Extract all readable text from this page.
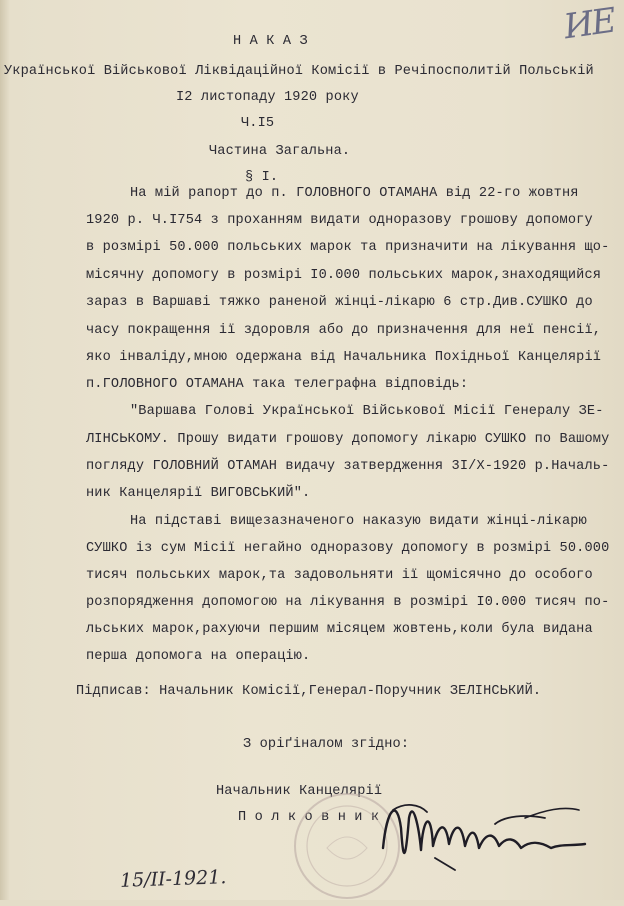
ИЕ
Н А К А З
Української Військової Ліквідаційної Комісії в Речіпосполитій Польській
I2 листопаду 1920 року
Ч.I5
Частина Загальна.
§ I.
На мій рапорт до п. ГОЛОВНОГО ОТАМАНА від 22-го жовтня
1920 р. Ч.I754 з проханням видати одноразову грошову допомогу
в розмірі 50.000 польських марок та призначити на лікування що-
місячну допомогу в розмірі I0.000 польських марок,знаходящийся
зараз в Варшаві тяжко раненой жінці-лікарю 6 стр.Див.СУШКО до
часу покращення ії здоровля або до призначення для неї пенсії,
яко інваліду,мною одержана від Начальника Похідньої Канцелярії
п.ГОЛОВНОГО ОТАМАНА така телеграфна відповідь:
"Варшава Голові Української Військової Місії Генералу ЗЕ-
ЛІНСЬКОМУ. Прошу видати грошову допомогу лікарю СУШКО по Вашому
погляду ГОЛОВНИЙ ОТАМАН видачу затвердження 3I/Х-1920 р.Началь-
ник Канцелярії ВИГОВСЬКИЙ".
На підставі вищезазначеного наказую видати жінці-лікарю
СУШКО із сум Місії негайно одноразову допомогу в розмірі 50.000
тисяч польських марок,та задовольняти ії щомісячно до особого
розпорядження допомогою на лікування в розмірі I0.000 тисяч по-
льських марок,рахуючи першим місяцем жовтень,коли була видана
перша допомога на операцію.
Підписав: Начальник Комісії,Генерал-Поручник ЗЕЛІНСЬКИЙ.
З оріґіналом згідно:
Начальник Канцелярії
П о л к о в н и к
15/ІІ-1921.
